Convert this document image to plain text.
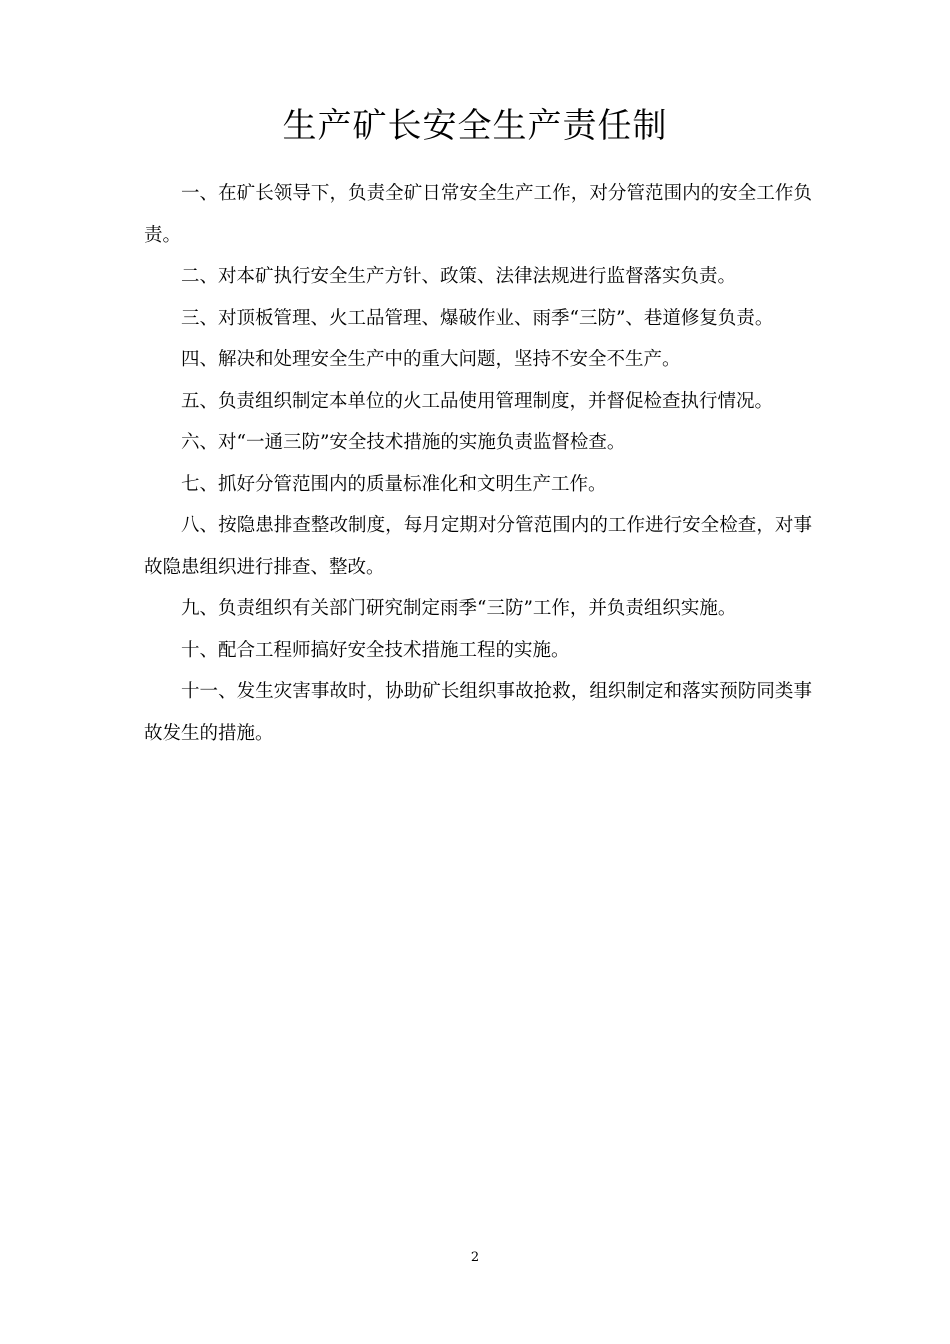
生产矿长安全生产责任制

一、在矿长领导下，负责全矿日常安全生产工作，对分管范围内的安全工作负责。

二、对本矿执行安全生产方针、政策、法律法规进行监督落实负责。

三、对顶板管理、火工品管理、爆破作业、雨季“三防”、巷道修复负责。

四、解决和处理安全生产中的重大问题，坚持不安全不生产。

五、负责组织制定本单位的火工品使用管理制度，并督促检查执行情况。

六、对“一通三防”安全技术措施的实施负责监督检查。

七、抓好分管范围内的质量标准化和文明生产工作。

八、按隐患排查整改制度，每月定期对分管范围内的工作进行安全检查，对事故隐患组织进行排查、整改。

九、负责组织有关部门研究制定雨季“三防”工作，并负责组织实施。

十、配合工程师搞好安全技术措施工程的实施。

十一、发生灾害事故时，协助矿长组织事故抢救，组织制定和落实预防同类事故发生的措施。

2
